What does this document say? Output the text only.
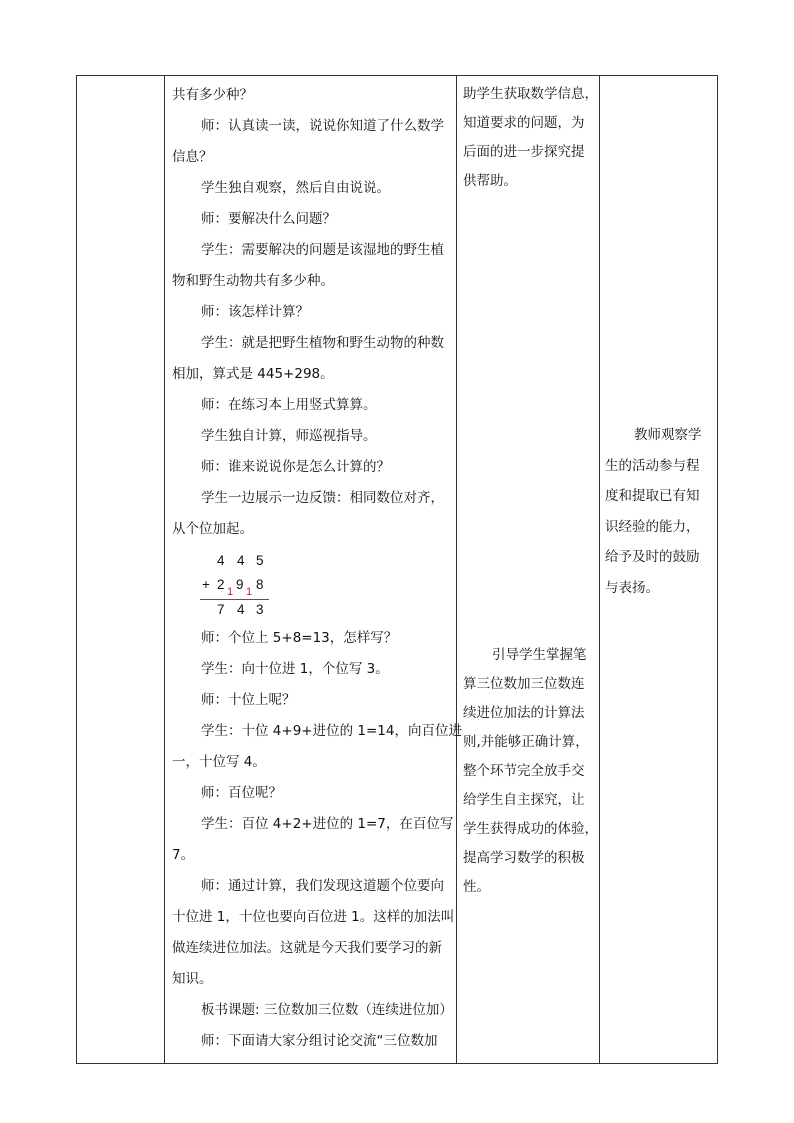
共有多少种？

师：认真读一读，说说你知道了什么数学

信息？

学生独自观察，然后自由说说。

师：要解决什么问题？

学生：需要解决的问题是该湿地的野生植

物和野生动物共有多少种。

师：该怎样计算？

学生：就是把野生植物和野生动物的种数

相加，算式是 445+298。

师：在练习本上用竖式算算。

学生独自计算，师巡视指导。

师：谁来说说你是怎么计算的？

学生一边展示一边反馈：相同数位对齐，

从个位加起。

师：个位上 5+8=13，怎样写？

学生：向十位进 1，个位写 3。

师：十位上呢？

学生：十位 4+9+进位的 1=14，向百位进

一，十位写 4。

师：百位呢？

学生：百位 4+2+进位的 1=7，在百位写

7。

师：通过计算，我们发现这道题个位要向

十位进 1，十位也要向百位进 1。这样的加法叫

做连续进位加法。这就是今天我们要学习的新

知识。

板书课题: 三位数加三位数（连续进位加）

师：下面请大家分组讨论交流“三位数加

4 4 5
+ 2 1 9 1 8
7 4 3

助学生获取数学信息，

知道要求的问题，为

后面的进一步探究提

供帮助。

引导学生掌握笔

算三位数加三位数连

续进位加法的计算法

则,并能够正确计算，

整个环节完全放手交

给学生自主探究，让

学生获得成功的体验，

提高学习数学的积极

性。

教师观察学

生的活动参与程

度和提取已有知

识经验的能力，

给予及时的鼓励

与表扬。
